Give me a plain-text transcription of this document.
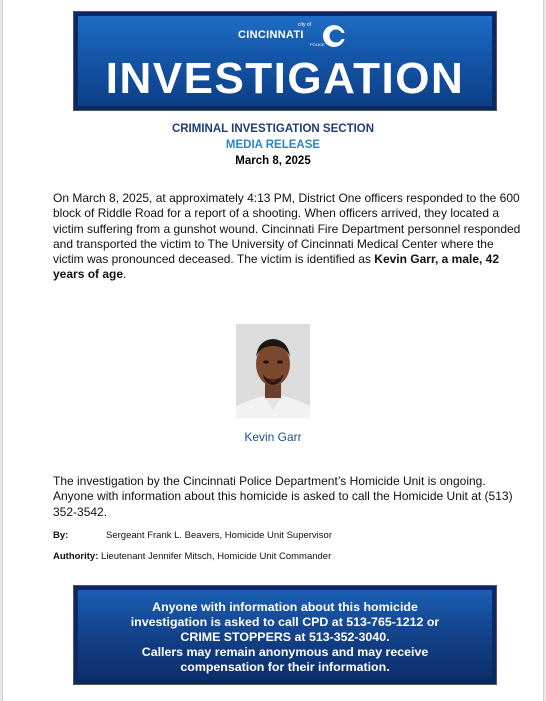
city of
CINCINNATI
POLICE
INVESTIGATION
CRIMINAL INVESTIGATION SECTION
MEDIA RELEASE
March 8, 2025
On March 8, 2025, at approximately 4:13 PM, District One officers responded to the 600 block of Riddle Road for a report of a shooting. When officers arrived, they located a victim suffering from a gunshot wound. Cincinnati Fire Department personnel responded and transported the victim to The University of Cincinnati Medical Center where the victim was pronounced deceased. The victim is identified as Kevin Garr, a male, 42 years of age.
Kevin Garr
The investigation by the Cincinnati Police Department’s Homicide Unit is ongoing. Anyone with information about this homicide is asked to call the Homicide Unit at (513) 352-3542.
By:	Sergeant Frank L. Beavers, Homicide Unit Supervisor
Authority: Lieutenant Jennifer Mitsch, Homicide Unit Commander
Anyone with information about this homicide
investigation is asked to call CPD at 513-765-1212 or
CRIME STOPPERS at 513-352-3040.
Callers may remain anonymous and may receive
compensation for their information.
